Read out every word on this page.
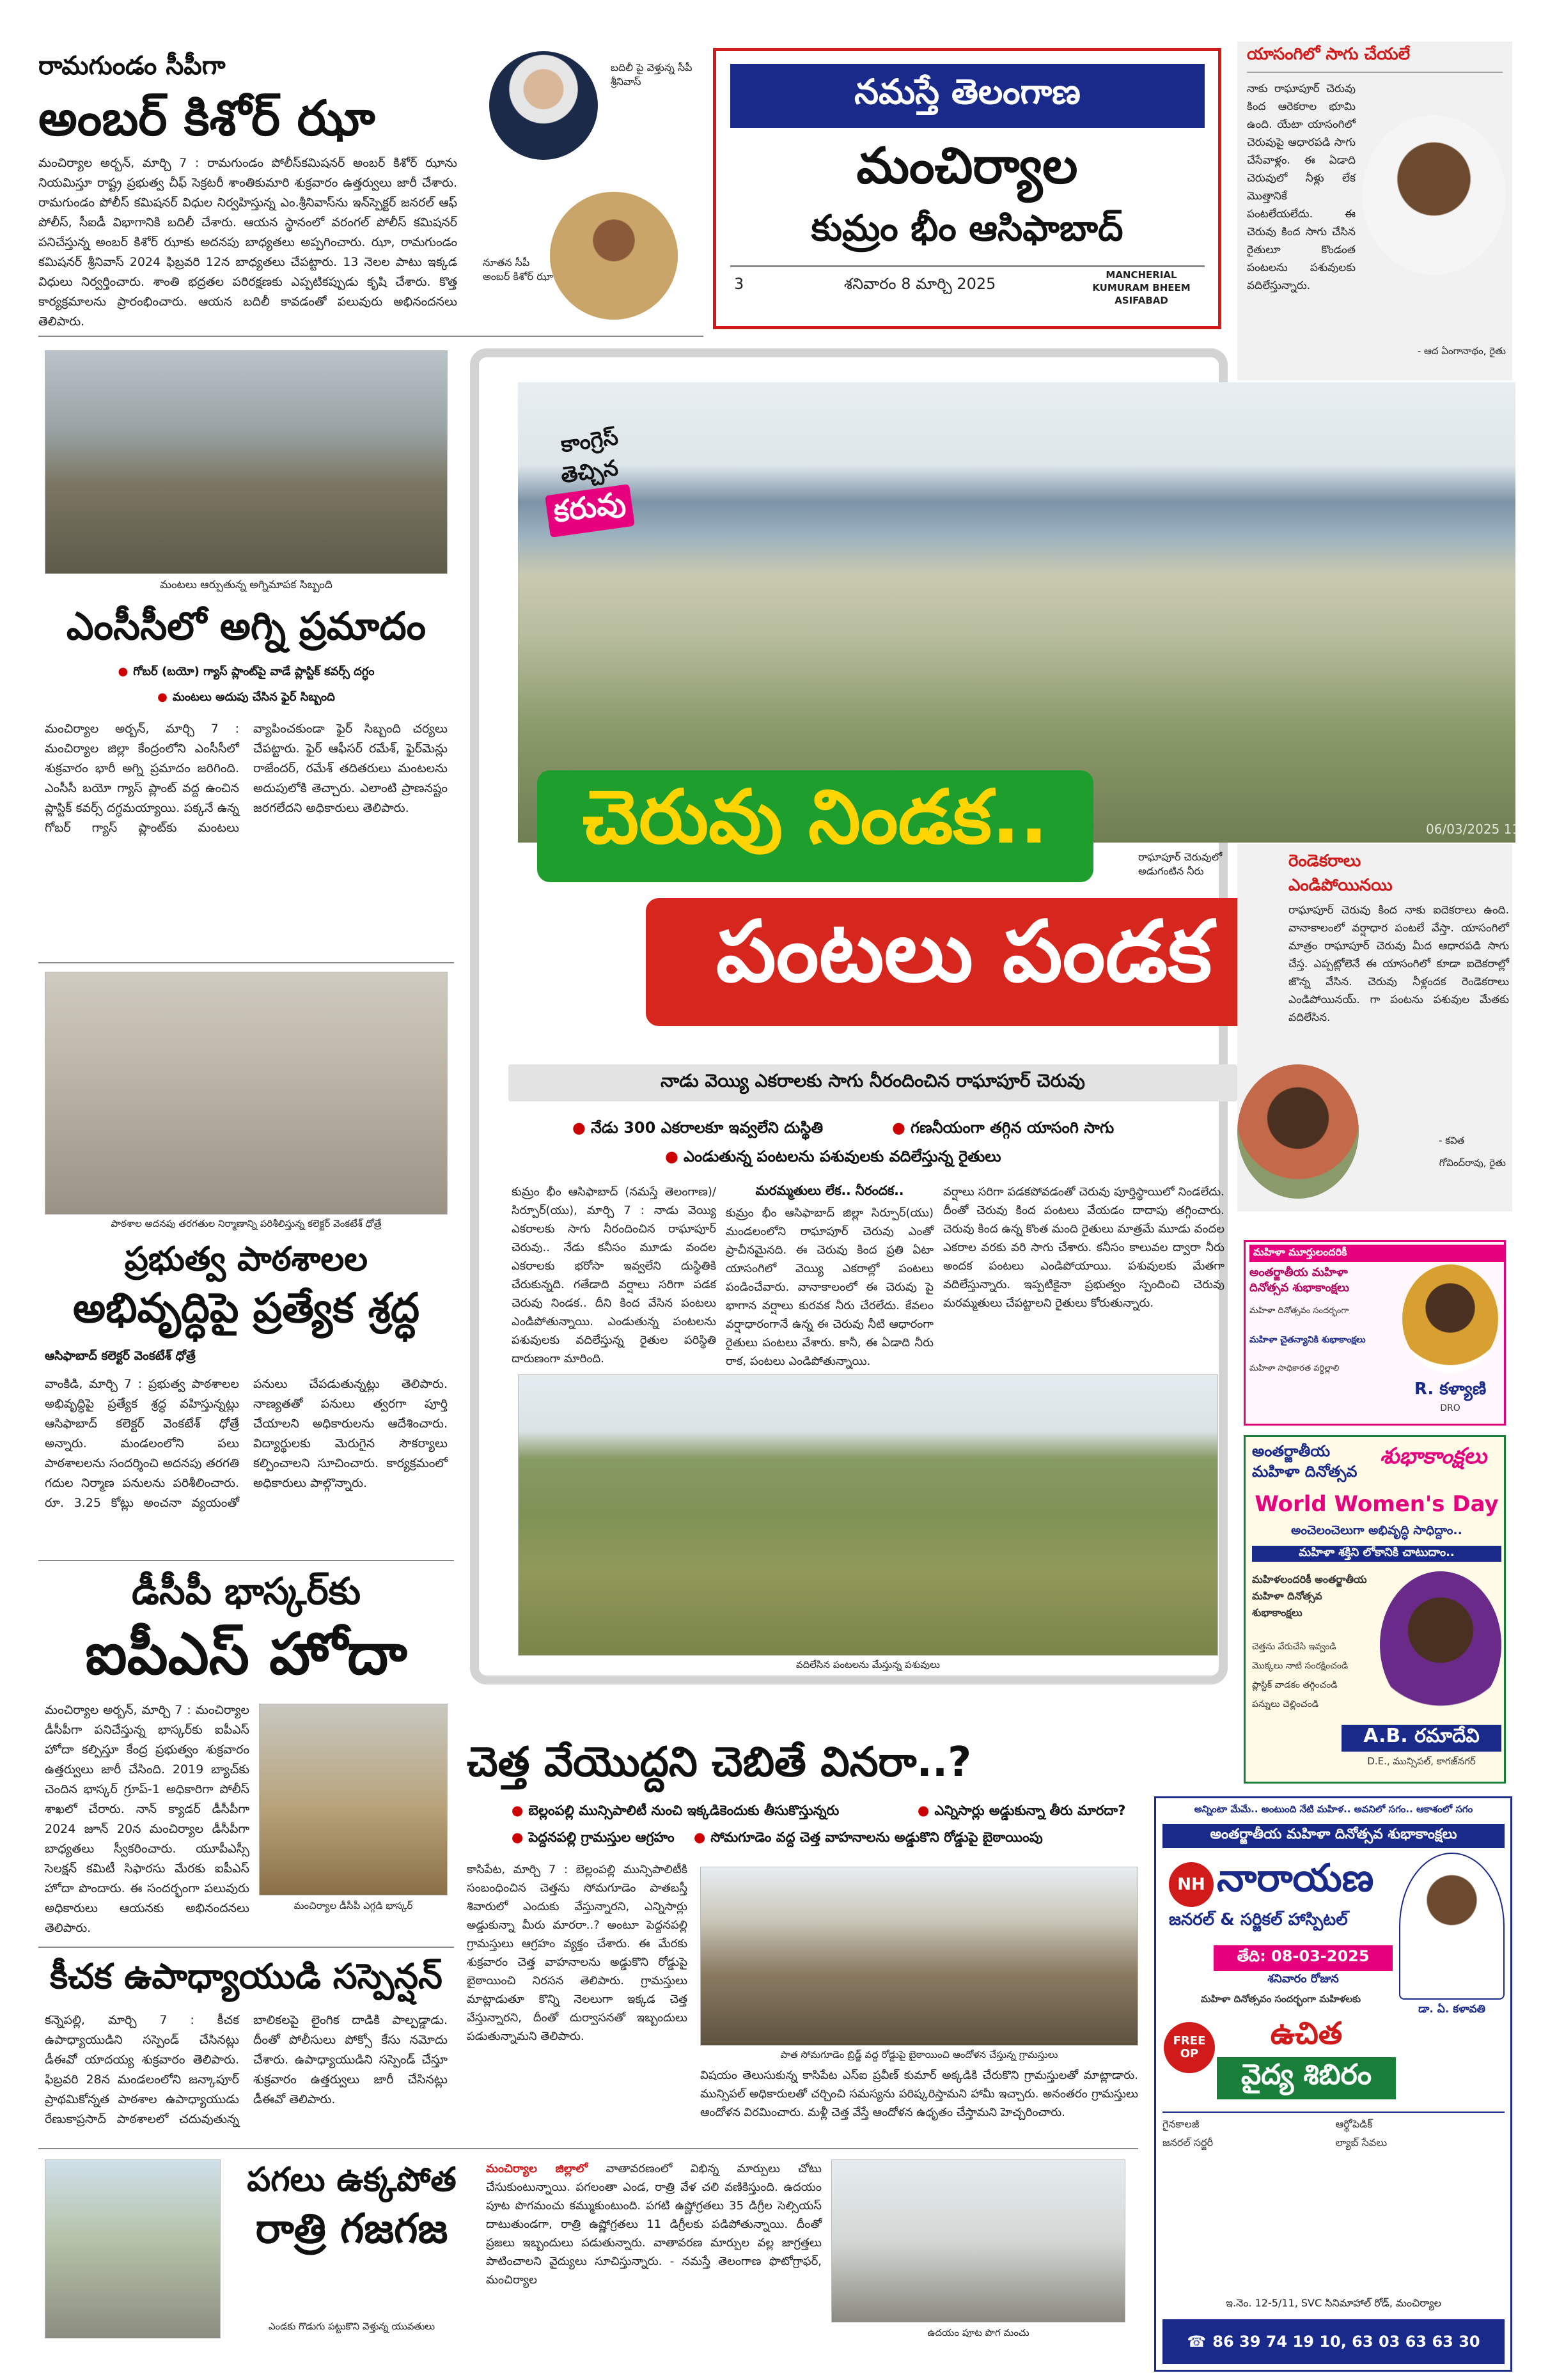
నమస్తే తెలంగాణ
మంచిర్యాల
కుమ్రం భీం ఆసిఫాబాద్
3	శనివారం 8 మార్చి 2025	MANCHERIAL
KUMURAM BHEEM
ASIFABAD
రామగుండం సీపీగా
అంబర్ కిశోర్ ఝా
మంచిర్యాల అర్బన్, మార్చి 7 : రామగుండం పోలీస్‌కమిషనర్ అంబర్ కిశోర్ ఝాను నియమిస్తూ రాష్ట్ర ప్రభుత్వ చీఫ్ సెక్రటరీ శాంతికుమారి శుక్రవారం ఉత్తర్వులు జారీ చేశారు. రామగుండం పోలీస్ కమిషనర్ విధుల నిర్వహిస్తున్న ఎం.శ్రీనివాస్‌ను ఇన్‌స్పెక్టర్ జనరల్ ఆఫ్ పోలీస్, సీఐడీ విభాగానికి బదిలీ చేశారు. ఆయన స్థానంలో వరంగల్ పోలీస్ కమిషనర్ పనిచేస్తున్న అంబర్ కిశోర్ ఝాకు అదనపు బాధ్యతలు అప్పగించారు. ఝా, రామగుండం కమిషనర్ శ్రీనివాస్ 2024 ఫిబ్రవరి 12న బాధ్యతలు చేపట్టారు. 13 నెలల పాటు ఇక్కడ విధులు నిర్వర్తించారు. శాంతి భద్రతల పరిరక్షణకు ఎప్పటికప్పుడు కృషి చేశారు. కొత్త కార్యక్రమాలను ప్రారంభించారు. ఆయన బదిలీ కావడంతో పలువురు అభినందనలు తెలిపారు.
బదిలీ పై వెళ్తున్న సీపీ శ్రీనివాస్
నూతన సీపీ అంబర్ కిశోర్ ఝా
మంటలు ఆర్పుతున్న అగ్నిమాపక సిబ్బంది
ఎంసీసీలో అగ్ని ప్రమాదం
● గోబర్ (బయో) గ్యాస్ ప్లాంట్‌పై వాడే ప్లాస్టిక్ కవర్స్ దగ్ధం
● మంటలు అదుపు చేసిన ఫైర్ సిబ్బంది
మంచిర్యాల అర్బన్, మార్చి 7 : మంచిర్యాల జిల్లా కేంద్రంలోని ఎంసీసీలో శుక్రవారం భారీ అగ్ని ప్రమాదం జరిగింది. ఎంసీసీ బయో గ్యాస్ ప్లాంట్ వద్ద ఉంచిన ప్లాస్టిక్ కవర్స్ దగ్ధమయ్యాయి. పక్కనే ఉన్న గోబర్ గ్యాస్ ప్లాంట్‌కు మంటలు వ్యాపించకుండా ఫైర్ సిబ్బంది చర్యలు చేపట్టారు. ఫైర్ ఆఫీసర్ రమేశ్, ఫైర్‌మెన్లు రాజేందర్, రమేశ్ తదితరులు మంటలను అదుపులోకి తెచ్చారు. ఎలాంటి ప్రాణనష్టం జరగలేదని అధికారులు తెలిపారు.
పాఠశాల అదనపు తరగతుల నిర్మాణాన్ని పరిశీలిస్తున్న కలెక్టర్ వెంకటేశ్ ధోత్రే
ప్రభుత్వ పాఠశాలల
అభివృద్ధిపై ప్రత్యేక శ్రద్ధ
ఆసిఫాబాద్ కలెక్టర్ వెంకటేశ్ ధోత్రే
వాంకిడి, మార్చి 7 : ప్రభుత్వ పాఠశాలల అభివృద్ధిపై ప్రత్యేక శ్రద్ధ వహిస్తున్నట్లు ఆసిఫాబాద్ కలెక్టర్ వెంకటేశ్ ధోత్రే అన్నారు. మండలంలోని పలు పాఠశాలలను సందర్శించి అదనపు తరగతి గదుల నిర్మాణ పనులను పరిశీలించారు. రూ. 3.25 కోట్లు అంచనా వ్యయంతో పనులు చేపడుతున్నట్లు తెలిపారు. నాణ్యతతో పనులు త్వరగా పూర్తి చేయాలని అధికారులను ఆదేశించారు. విద్యార్థులకు మెరుగైన సౌకర్యాలు కల్పించాలని సూచించారు. కార్యక్రమంలో అధికారులు పాల్గొన్నారు.
డీసీపీ భాస్కర్‌కు
ఐపీఎస్ హోదా
మంచిర్యాల అర్బన్, మార్చి 7 : మంచిర్యాల డీసీపీగా పనిచేస్తున్న భాస్కర్‌కు ఐపీఎస్ హోదా కల్పిస్తూ కేంద్ర ప్రభుత్వం శుక్రవారం ఉత్తర్వులు జారీ చేసింది. 2019 బ్యాచ్‌కు చెందిన భాస్కర్ గ్రూప్-1 అధికారిగా పోలీస్ శాఖలో చేరారు. నాన్ క్యాడర్ డీసీపీగా 2024 జూన్ 20న మంచిర్యాల డీసీపీగా బాధ్యతలు స్వీకరించారు. యూపీఎస్సీ సెలక్షన్ కమిటీ సిఫారసు మేరకు ఐపీఎస్ హోదా పొందారు. ఈ సందర్భంగా పలువురు అధికారులు ఆయనకు అభినందనలు తెలిపారు.
మంచిర్యాల డీసీపీ ఎగ్గడి భాస్కర్
కీచక ఉపాధ్యాయుడి సస్పెన్షన్
కన్నెపల్లి, మార్చి 7 : కీచక ఉపాధ్యాయుడిని సస్పెండ్ చేసినట్లు డీఈవో యాదయ్య శుక్రవారం తెలిపారు. ఫిబ్రవరి 28న మండలంలోని జన్కాపూర్ ప్రాథమికోన్నత పాఠశాల ఉపాధ్యాయుడు రేణుకాప్రసాద్ పాఠశాలలో చదువుతున్న బాలికలపై లైంగిక దాడికి పాల్పడ్డాడు. దీంతో పోలీసులు పోక్సో కేసు నమోదు చేశారు. ఉపాధ్యాయుడిని సస్పెండ్ చేస్తూ శుక్రవారం ఉత్తర్వులు జారీ చేసినట్లు డీఈవో తెలిపారు.
పగలు ఉక్కపోత
రాత్రి గజగజ
ఎండకు గొడుగు పట్టుకొని వెళ్తున్న యువతులు
మంచిర్యాల జిల్లాలో వాతావరణంలో విభిన్న మార్పులు చోటు చేసుకుంటున్నాయి. పగలంతా ఎండ, రాత్రి వేళ చలి వణికిస్తుంది. ఉదయం పూట పొగమంచు కమ్ముకుంటుంది. పగటి ఉష్ణోగ్రతలు 35 డిగ్రీల సెల్సియస్ దాటుతుండగా, రాత్రి ఉష్ణోగ్రతలు 11 డిగ్రీలకు పడిపోతున్నాయి. దీంతో ప్రజలు ఇబ్బందులు పడుతున్నారు. వాతావరణ మార్పుల వల్ల జాగ్రత్తలు పాటించాలని వైద్యులు సూచిస్తున్నారు. - నమస్తే తెలంగాణ ఫొటోగ్రాఫర్, మంచిర్యాల
ఉదయం పూట పొగ మంచు
06/03/2025 11:14
కాంగ్రెస్
తెచ్చిన
కరువు
చెరువు నిండక..	రాఘాపూర్ చెరువులో అడుగంటిన నీరు
పంటలు పండక
నాడు వెయ్యి ఎకరాలకు సాగు నీరందించిన రాఘాపూర్ చెరువు
● నేడు 300 ఎకరాలకూ ఇవ్వలేని దుస్థితి	● గణనీయంగా తగ్గిన యాసంగి సాగు
● ఎండుతున్న పంటలను పశువులకు వదిలేస్తున్న రైతులు
కుమ్రం భీం ఆసిఫాబాద్ (నమస్తే తెలంగాణ)/ సిర్పూర్(యు), మార్చి 7 : నాడు వెయ్యి ఎకరాలకు సాగు నీరందించిన రాఘాపూర్ చెరువు.. నేడు కనీసం మూడు వందల ఎకరాలకు భరోసా ఇవ్వలేని దుస్థితికి చేరుకున్నది. గతేడాది వర్షాలు సరిగా పడక చెరువు నిండక.. దీని కింద వేసిన పంటలు ఎండిపోతున్నాయి. ఎండుతున్న పంటలను పశువులకు వదిలేస్తున్న రైతుల పరిస్థితి దారుణంగా మారింది.
మరమ్మతులు లేక.. నీరందక..
కుమ్రం భీం ఆసిఫాబాద్ జిల్లా సిర్పూర్(యు) మండలంలోని రాఘాపూర్ చెరువు ఎంతో ప్రాచీనమైనది. ఈ చెరువు కింద ప్రతి ఏటా యాసంగిలో వెయ్యి ఎకరాల్లో పంటలు పండించేవారు. వానాకాలంలో ఈ చెరువు పై భాగాన వర్షాలు కురవక నీరు చేరలేదు. కేవలం వర్షాధారంగానే ఉన్న ఈ చెరువు నీటి ఆధారంగా రైతులు పంటలు వేశారు. కానీ, ఈ ఏడాది నీరు రాక, పంటలు ఎండిపోతున్నాయి.
వర్షాలు సరిగా పడకపోవడంతో చెరువు పూర్తిస్థాయిలో నిండలేదు. దీంతో చెరువు కింద పంటలు వేయడం దాదాపు తగ్గించారు. చెరువు కింద ఉన్న కొంత మంది రైతులు మాత్రమే మూడు వందల ఎకరాల వరకు వరి సాగు చేశారు. కనీసం కాలువల ద్వారా నీరు అందక పంటలు ఎండిపోయాయి. పశువులకు మేతగా వదిలేస్తున్నారు. ఇప్పటికైనా ప్రభుత్వం స్పందించి చెరువు మరమ్మతులు చేపట్టాలని రైతులు కోరుతున్నారు.
వదిలేసిన పంటలను మేస్తున్న పశువులు
యాసంగిలో సాగు చేయలే
నాకు రాఘాపూర్ చెరువు కింద ఆరెకరాల భూమి ఉంది. యేటా యాసంగిలో చెరువుపై ఆధారపడి సాగు చేసేవాళ్లం. ఈ ఏడాది చెరువులో నీళ్లు లేక మొత్తానికే పంటలేయలేదు. ఈ చెరువు కింద సాగు చేసిన రైతులూ కొండంత పంటలను పశువులకు వదిలేస్తున్నారు.
- ఆద ఏంగానాథం, రైతు
రెండెకరాలు ఎండిపోయినయి
రాఘాపూర్ చెరువు కింద నాకు ఐదెకరాలు ఉంది. వానాకాలంలో వర్షాధార పంటలే వేస్తా. యాసంగిలో మాత్రం రాఘాపూర్ చెరువు మీద ఆధారపడి సాగు చేస్త. ఎప్పట్లోలెనే ఈ యాసంగిలో కూడా ఐదెకరాల్లో జొన్న వేసిన. చెరువు నీళ్లందక రెండెకరాలు ఎండిపోయినయ్. గా పంటను పశువుల మేతకు వదిలేసిన.
- కవిత
గోవింద్‌రావు, రైతు
మహిళా మూర్తులందరికీ
అంతర్జాతీయ మహిళా దినోత్సవ శుభాకాంక్షలు
మహిళా దినోత్సవం సందర్భంగా
మహిళా చైతన్యానికి శుభాకాంక్షలు
మహిళా సాధికారత వర్ధిల్లాలి
R. కళ్యాణి
DRO
అంతర్జాతీయ
మహిళా దినోత్సవ
శుభాకాంక్షలు
World Women's Day
అంచెలంచెలుగా అభివృద్ధి సాధిద్దాం..
మహిళా శక్తిని లోకానికి చాటుదాం..
మహిళలందరికీ అంతర్జాతీయ మహిళా దినోత్సవ శుభాకాంక్షలు
చెత్తను వేరుచేసి ఇవ్వండి
మొక్కలు నాటి సంరక్షించండి
ప్లాస్టిక్ వాడకం తగ్గించండి
పన్నులు చెల్లించండి
A.B. రమాదేవి
D.E., మున్సిపల్, కాగజ్‌నగర్
చెత్త వేయొద్దని చెబితే వినరా..?
● బెల్లంపల్లి మున్సిపాలిటీ నుంచి ఇక్కడికెందుకు తీసుకొస్తున్నరు	● ఎన్నిసార్లు అడ్డుకున్నా తీరు మారదా?
● పెద్దనపల్లి గ్రామస్తుల ఆగ్రహం ● సోమగూడెం వద్ద చెత్త వాహనాలను అడ్డుకొని రోడ్డుపై బైఠాయింపు
కాసిపేట, మార్చి 7 : బెల్లంపల్లి మున్సిపాలిటీకి సంబంధించిన చెత్తను సోమగూడెం పాతబస్తీ శివారులో ఎందుకు వేస్తున్నారని, ఎన్నిసార్లు అడ్డుకున్నా మీరు మారరా..? అంటూ పెద్దనపల్లి గ్రామస్తులు ఆగ్రహం వ్యక్తం చేశారు. ఈ మేరకు శుక్రవారం చెత్త వాహనాలను అడ్డుకొని రోడ్డుపై బైఠాయించి నిరసన తెలిపారు. గ్రామస్తులు మాట్లాడుతూ కొన్ని నెలలుగా ఇక్కడ చెత్త వేస్తున్నారని, దీంతో దుర్వాసనతో ఇబ్బందులు పడుతున్నామని తెలిపారు.
పాత సోమగూడెం బ్రిడ్జ్ వద్ద రోడ్డుపై బైఠాయించి ఆందోళన చేస్తున్న గ్రామస్తులు
విషయం తెలుసుకున్న కాసిపేట ఎస్ఐ ప్రవీణ్ కుమార్ అక్కడికి చేరుకొని గ్రామస్తులతో మాట్లాడారు. మున్సిపల్ అధికారులతో చర్చించి సమస్యను పరిష్కరిస్తామని హామీ ఇచ్చారు. అనంతరం గ్రామస్తులు ఆందోళన విరమించారు. మళ్లీ చెత్త వేస్తే ఆందోళన ఉధృతం చేస్తామని హెచ్చరించారు.
అన్నింటా మేమే.. అంటుంది నేటి మహిళ.. అవనిలో సగం.. ఆకాశంలో సగం
అంతర్జాతీయ మహిళా దినోత్సవ శుభాకాంక్షలు
NH నారాయణ
జనరల్ & సర్జికల్ హాస్పిటల్
తేది: 08-03-2025
శనివారం రోజున
మహిళా దినోత్సవం సందర్భంగా మహిళలకు
FREE OP
ఉచిత
వైద్య శిబిరం
డా. ఏ. కళావతి
గైనకాలజీ	ఆర్థోపెడిక్
జనరల్ సర్జరీ	ల్యాబ్ సేవలు
ఇ.నెం. 12-5/11, SVC సినిమాహాల్ రోడ్, మంచిర్యాల
☎ 86 39 74 19 10, 63 03 63 63 30
